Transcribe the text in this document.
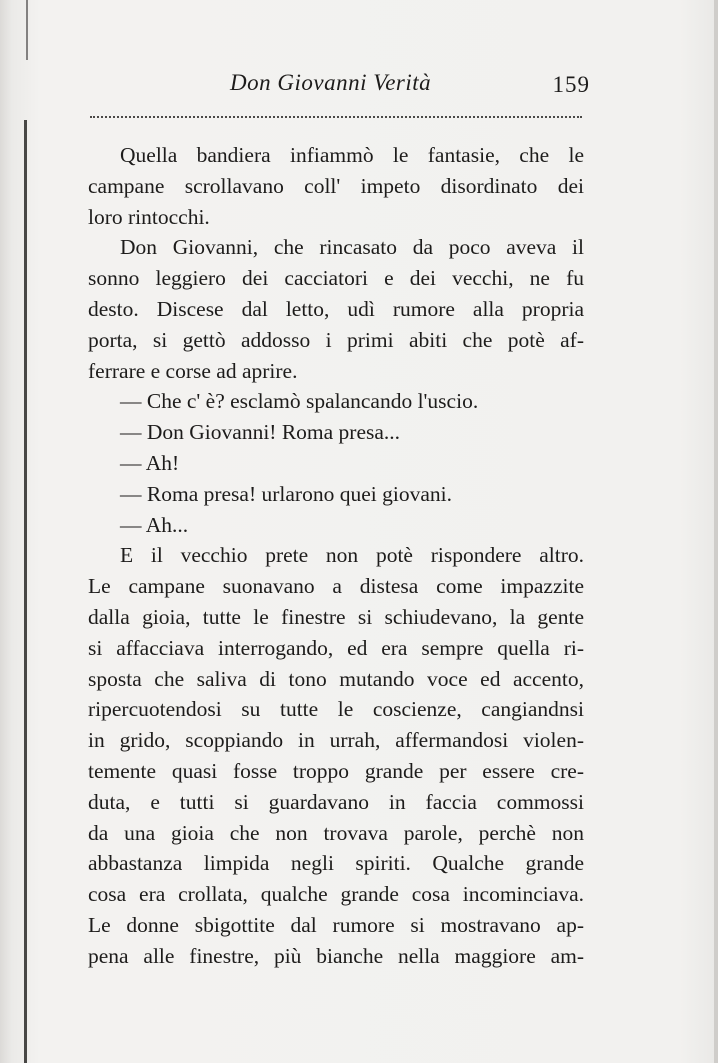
Don Giovanni Verità	159
Quella bandiera infiammò le fantasie, che le
campane scrollavano coll' impeto disordinato dei
loro rintocchi.
Don Giovanni, che rincasato da poco aveva il
sonno leggiero dei cacciatori e dei vecchi, ne fu
desto. Discese dal letto, udì rumore alla propria
porta, si gettò addosso i primi abiti che potè af-
ferrare e corse ad aprire.
— Che c' è? esclamò spalancando l'uscio.
— Don Giovanni! Roma presa...
— Ah!
— Roma presa! urlarono quei giovani.
— Ah...
E il vecchio prete non potè rispondere altro.
Le campane suonavano a distesa come impazzite
dalla gioia, tutte le finestre si schiudevano, la gente
si affacciava interrogando, ed era sempre quella ri-
sposta che saliva di tono mutando voce ed accento,
ripercuotendosi su tutte le coscienze, cangiandnsi
in grido, scoppiando in urrah, affermandosi violen-
temente quasi fosse troppo grande per essere cre-
duta, e tutti si guardavano in faccia commossi
da una gioia che non trovava parole, perchè non
abbastanza limpida negli spiriti. Qualche grande
cosa era crollata, qualche grande cosa incominciava.
Le donne sbigottite dal rumore si mostravano ap-
pena alle finestre, più bianche nella maggiore am-
